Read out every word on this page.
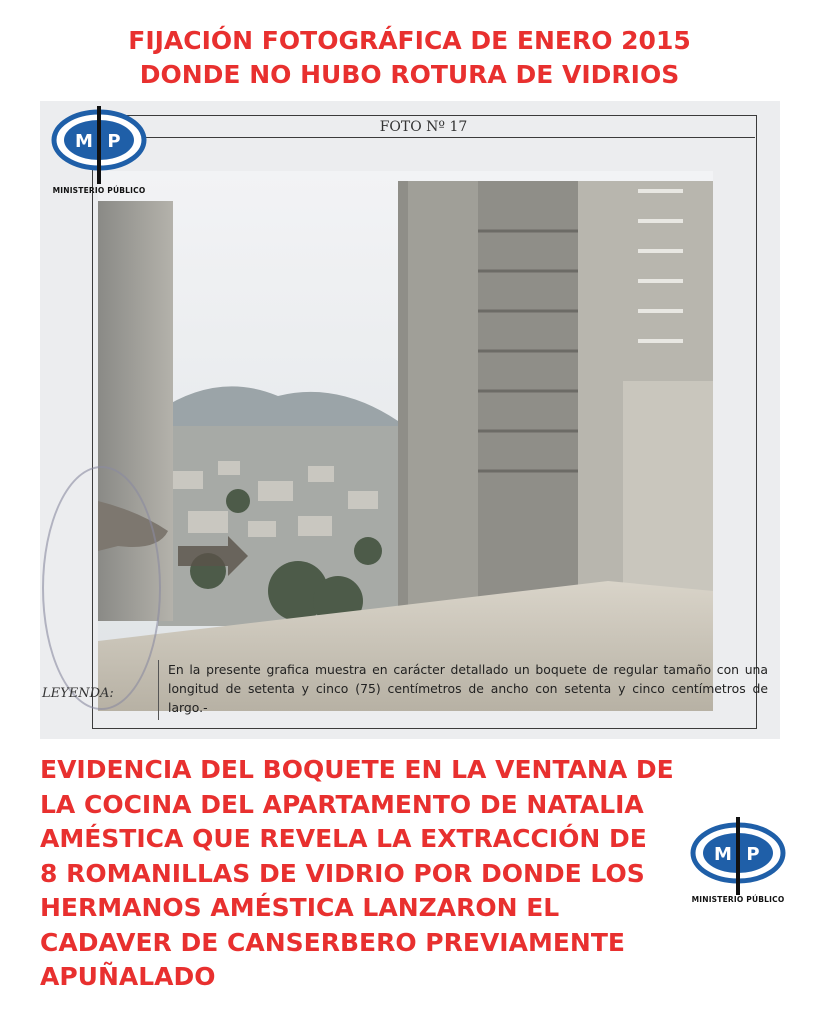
FIJACIÓN FOTOGRÁFICA DE ENERO 2015
DONDE NO HUBO ROTURA DE VIDRIOS
FOTO Nº 17
LEYENDA:
En la presente grafica muestra en carácter detallado un boquete de regular tamaño con una longitud de setenta y cinco (75) centímetros de ancho con setenta y cinco centímetros de largo.-
M P
MINISTERIO PÚBLICO
EVIDENCIA DEL BOQUETE EN LA VENTANA DE
LA COCINA DEL APARTAMENTO DE NATALIA
AMÉSTICA QUE REVELA LA EXTRACCIÓN DE
8 ROMANILLAS DE VIDRIO POR DONDE LOS
HERMANOS AMÉSTICA LANZARON EL
CADAVER DE CANSERBERO PREVIAMENTE
APUÑALADO
M P
MINISTERIO PÚBLICO
